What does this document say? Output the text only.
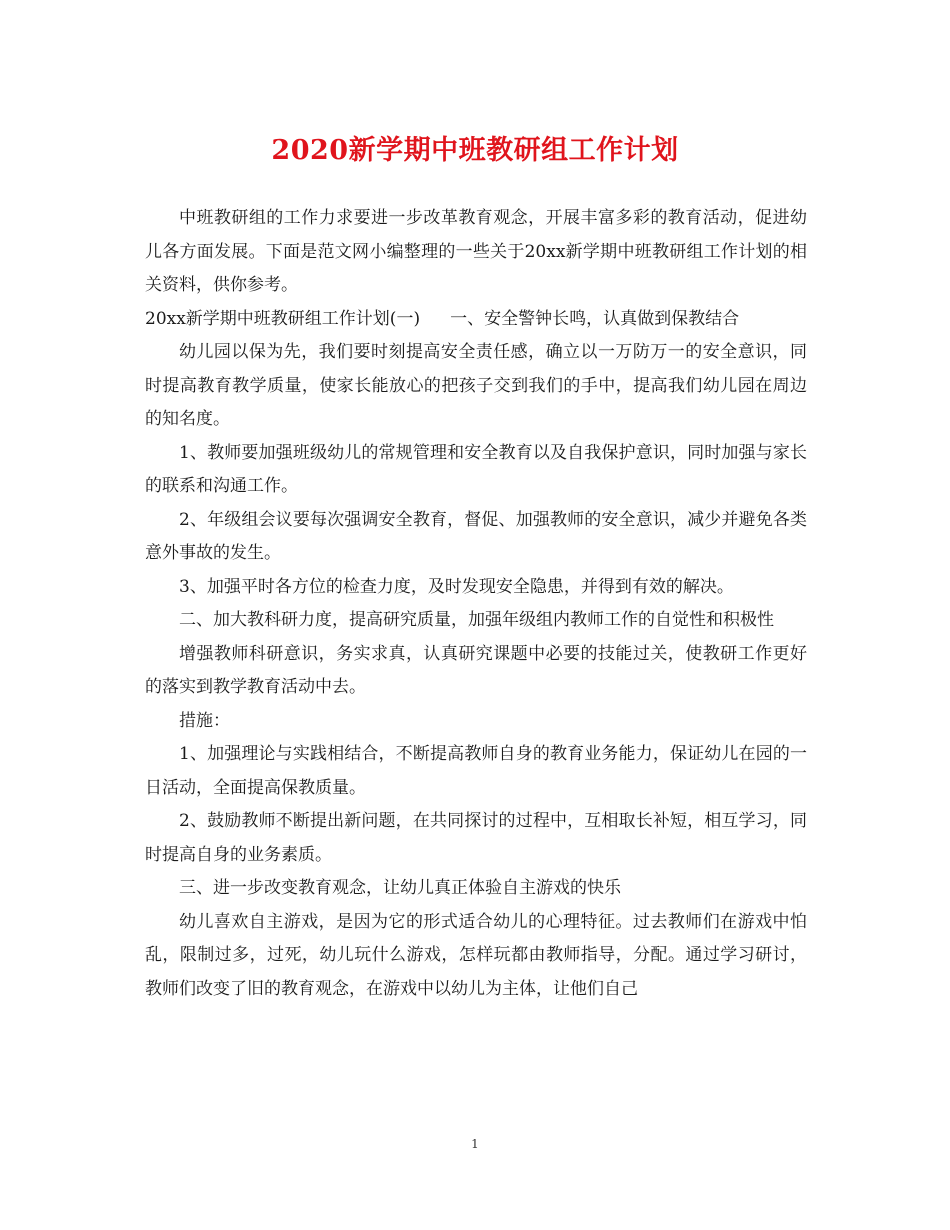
2020新学期中班教研组工作计划

中班教研组的工作力求要进一步改革教育观念，开展丰富多彩的教育活动，促进幼儿各方面发展。下面是范文网小编整理的一些关于20xx新学期中班教研组工作计划的相关资料，供你参考。

20xx新学期中班教研组工作计划(一) 一、安全警钟长鸣，认真做到保教结合

幼儿园以保为先，我们要时刻提高安全责任感，确立以一万防万一的安全意识，同时提高教育教学质量，使家长能放心的把孩子交到我们的手中，提高我们幼儿园在周边的知名度。

1、教师要加强班级幼儿的常规管理和安全教育以及自我保护意识，同时加强与家长的联系和沟通工作。

2、年级组会议要每次强调安全教育，督促、加强教师的安全意识，减少并避免各类意外事故的发生。

3、加强平时各方位的检查力度，及时发现安全隐患，并得到有效的解决。

二、加大教科研力度，提高研究质量，加强年级组内教师工作的自觉性和积极性

增强教师科研意识，务实求真，认真研究课题中必要的技能过关，使教研工作更好的落实到教学教育活动中去。

措施：

1、加强理论与实践相结合，不断提高教师自身的教育业务能力，保证幼儿在园的一日活动，全面提高保教质量。

2、鼓励教师不断提出新问题，在共同探讨的过程中，互相取长补短，相互学习，同时提高自身的业务素质。

三、进一步改变教育观念，让幼儿真正体验自主游戏的快乐

幼儿喜欢自主游戏，是因为它的形式适合幼儿的心理特征。过去教师们在游戏中怕乱，限制过多，过死，幼儿玩什么游戏，怎样玩都由教师指导，分配。通过学习研讨，教师们改变了旧的教育观念，在游戏中以幼儿为主体，让他们自己

1
